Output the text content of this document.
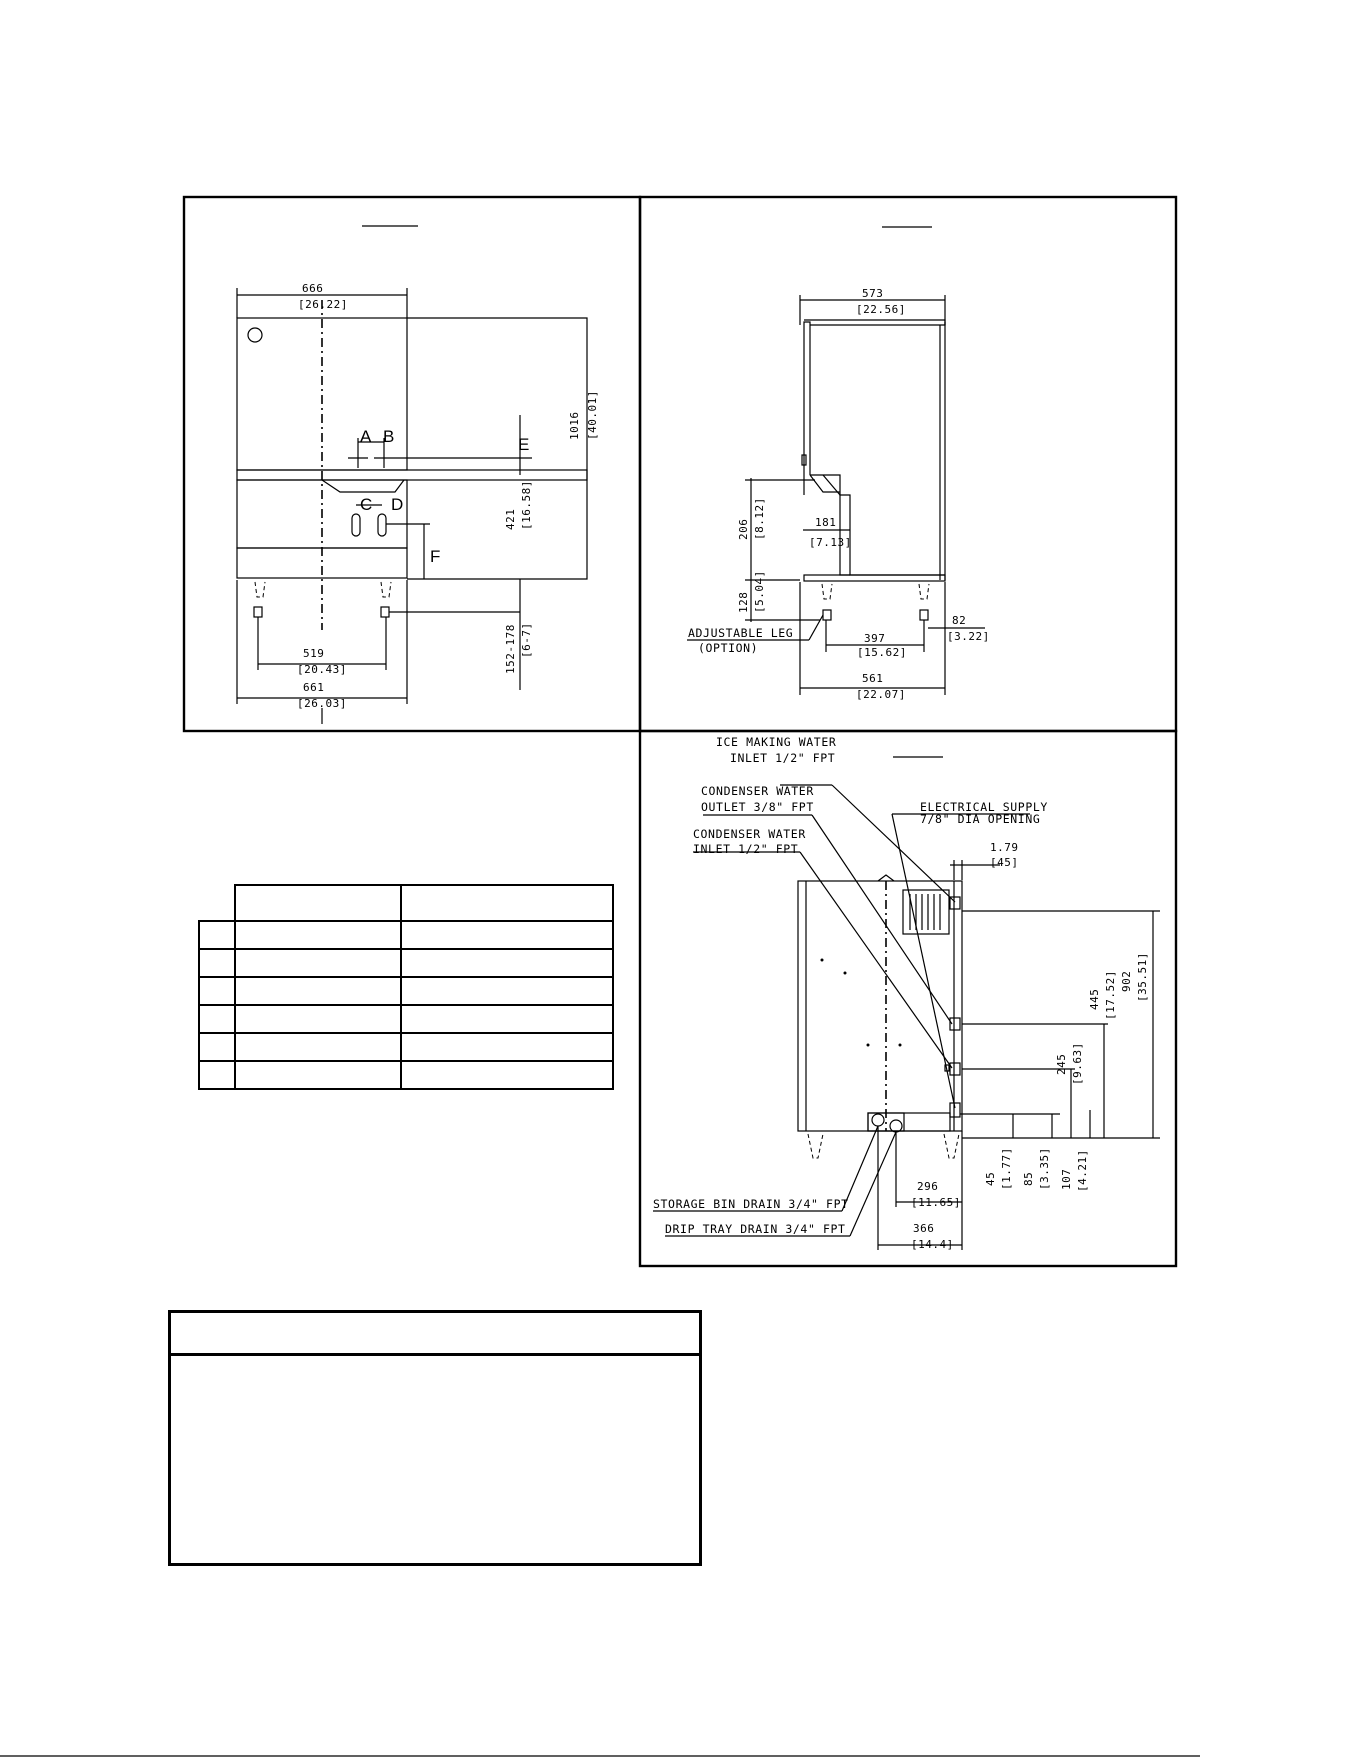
666
[26.22]
A B	E
C D
F
421 [16.58]
1016 [40.01]
152-178 [6-7]
519
[20.43]
661
[26.03]
573
[22.56]
206 [8.12]
128 [5.04]
181
[7.13]
397
[15.62]
82
[3.22]
561
[22.07]
ADJUSTABLE LEG
(OPTION)
ICE MAKING WATER
INLET 1/2" FPT
CONDENSER WATER
OUTLET 3/8" FPT
CONDENSER WATER
INLET 1/2" FPT
ELECTRICAL SUPPLY
7/8" DIA OPENING
1.79
[45]
445 [17.52] 902 [35.51]
245 [9.63]
45 [1.77] 85 [3.35] 107 [4.21]
296
[11.65]
366
[14.4]
STORAGE BIN DRAIN 3/4" FPT
DRIP TRAY DRAIN 3/4" FPT
